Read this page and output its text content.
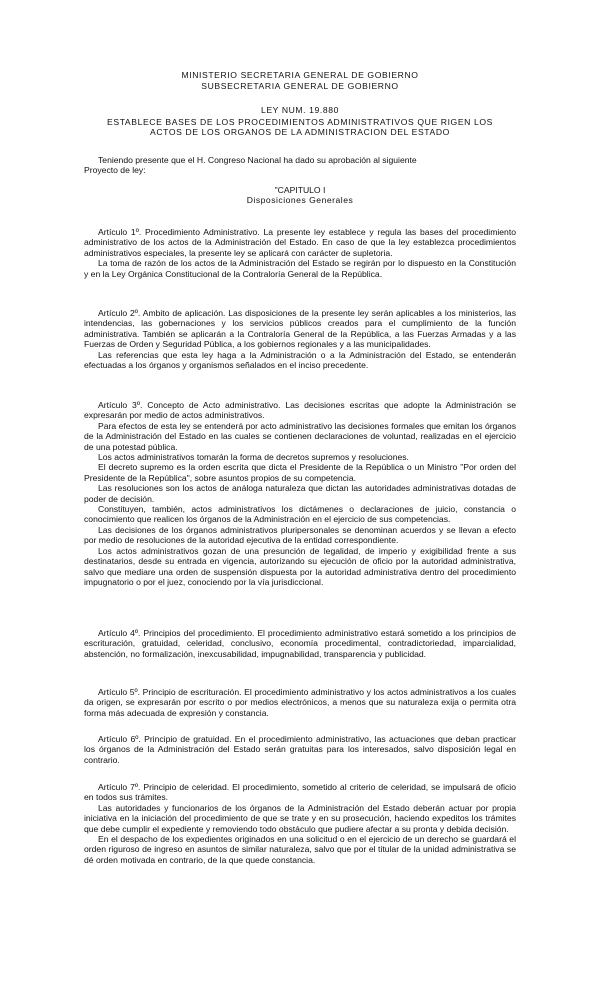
MINISTERIO SECRETARIA GENERAL DE GOBIERNO
SUBSECRETARIA GENERAL DE GOBIERNO
LEY NUM. 19.880
ESTABLECE BASES DE LOS PROCEDIMIENTOS ADMINISTRATIVOS QUE RIGEN LOS
ACTOS DE LOS ORGANOS DE LA ADMINISTRACION DEL ESTADO

Teniendo presente que el H. Congreso Nacional ha dado su aprobación al siguiente

Proyecto de ley:

"CAPITULO I
Disposiciones Generales

Artículo 1º. Procedimiento Administrativo. La presente ley establece y regula las bases del procedimiento administrativo de los actos de la Administración del Estado. En caso de que la ley establezca procedimientos administrativos especiales, la presente ley se aplicará con carácter de supletoria.

La toma de razón de los actos de la Administración del Estado se regirán por lo dispuesto en la Constitución y en la Ley Orgánica Constitucional de la Contraloría General de la República.

Artículo 2º. Ambito de aplicación. Las disposiciones de la presente ley serán aplicables a los ministerios, las intendencias, las gobernaciones y los servicios públicos creados para el cumplimiento de la función administrativa. También se aplicarán a la Contraloría General de la República, a las Fuerzas Armadas y a las Fuerzas de Orden y Seguridad Pública, a los gobiernos regionales y a las municipalidades.

Las referencias que esta ley haga a la Administración o a la Administración del Estado, se entenderán efectuadas a los órganos y organismos señalados en el inciso precedente.

Artículo 3º. Concepto de Acto administrativo. Las decisiones escritas que adopte la Administración se expresarán por medio de actos administrativos.

Para efectos de esta ley se entenderá por acto administrativo las decisiones formales que emitan los órganos de la Administración del Estado en las cuales se contienen declaraciones de voluntad, realizadas en el ejercicio de una potestad pública.

Los actos administrativos tomarán la forma de decretos supremos y resoluciones.

El decreto supremo es la orden escrita que dicta el Presidente de la República o un Ministro "Por orden del Presidente de la República", sobre asuntos propios de su competencia.

Las resoluciones son los actos de análoga naturaleza que dictan las autoridades administrativas dotadas de poder de decisión.

Constituyen, también, actos administrativos los dictámenes o declaraciones de juicio, constancia o conocimiento que realicen los órganos de la Administración en el ejercicio de sus competencias.

Las decisiones de los órganos administrativos pluripersonales se denominan acuerdos y se llevan a efecto por medio de resoluciones de la autoridad ejecutiva de la entidad correspondiente.

Los actos administrativos gozan de una presunción de legalidad, de imperio y exigibilidad frente a sus destinatarios, desde su entrada en vigencia, autorizando su ejecución de oficio por la autoridad administrativa, salvo que mediare una orden de suspensión dispuesta por la autoridad administrativa dentro del procedimiento impugnatorio o por el juez, conociendo por la vía jurisdiccional.

Artículo 4º. Principios del procedimiento. El procedimiento administrativo estará sometido a los principios de escrituración, gratuidad, celeridad, conclusivo, economía procedimental, contradictoriedad, imparcialidad, abstención, no formalización, inexcusabilidad, impugnabilidad, transparencia y publicidad.

Artículo 5º. Principio de escrituración. El procedimiento administrativo y los actos administrativos a los cuales da origen, se expresarán por escrito o por medios electrónicos, a menos que su naturaleza exija o permita otra forma más adecuada de expresión y constancia.

Artículo 6º. Principio de gratuidad. En el procedimiento administrativo, las actuaciones que deban practicar los órganos de la Administración del Estado serán gratuitas para los interesados, salvo disposición legal en contrario.

Artículo 7º. Principio de celeridad. El procedimiento, sometido al criterio de celeridad, se impulsará de oficio en todos sus trámites.

Las autoridades y funcionarios de los órganos de la Administración del Estado deberán actuar por propia iniciativa en la iniciación del procedimiento de que se trate y en su prosecución, haciendo expeditos los trámites que debe cumplir el expediente y removiendo todo obstáculo que pudiere afectar a su pronta y debida decisión.

En el despacho de los expedientes originados en una solicitud o en el ejercicio de un derecho se guardará el orden riguroso de ingreso en asuntos de similar naturaleza, salvo que por el titular de la unidad administrativa se dé orden motivada en contrario, de la que quede constancia.
